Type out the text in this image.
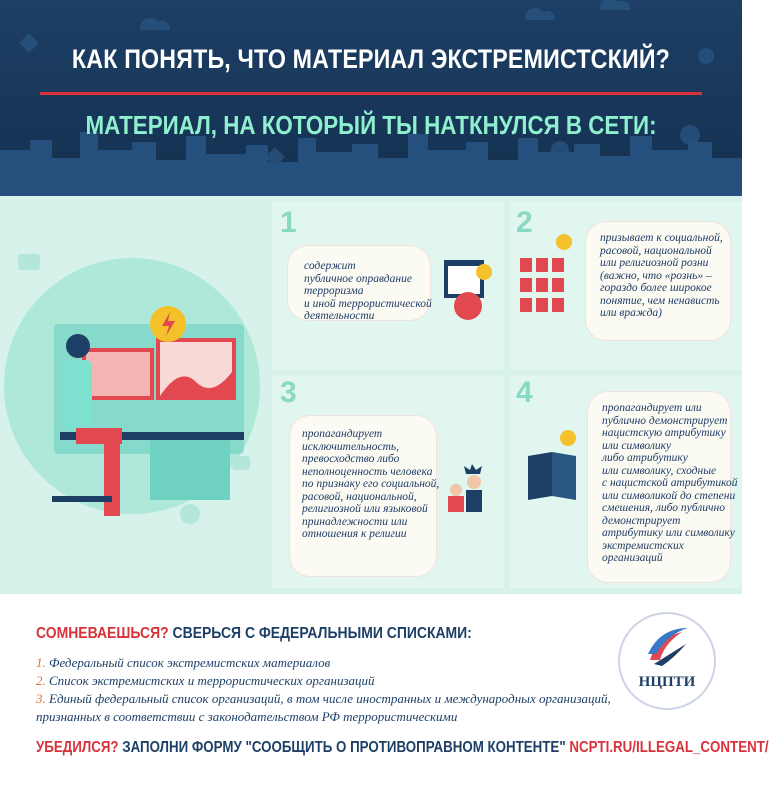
КАК ПОНЯТЬ, ЧТО МАТЕРИАЛ ЭКСТРЕМИСТСКИЙ?
МАТЕРИАЛ, НА КОТОРЫЙ ТЫ НАТКНУЛСЯ В СЕТИ:
1
содержит
публичное оправдание
терроризма
и иной террористической
деятельности
2	призывает к социальной,
расовой, национальной
или религиозной розни
(важно, что «рознь» –
гораздо более широкое
понятие, чем ненависть
или вражда)
3
пропагандирует
исключительность,
превосходство либо
неполноценность человека
по признаку его социальной,
расовой, национальной,
религиозной или языковой
принадлежности или
отношения к религии
4	пропагандирует или
публично демонстрирует
нацистскую атрибутику
или символику
либо атрибутику
или символику, сходные
с нацистской атрибутикой
или символикой до степени
смешения, либо публично
демонстрирует
атрибутику или символику
экстремистских
организаций
СОМНЕВАЕШЬСЯ? СВЕРЬСЯ С ФЕДЕРАЛЬНЫМИ СПИСКАМИ:
1. Федеральный список экстремистских материалов
2. Список экстремистских и террористических организаций
3. Единый федеральный список организаций, в том числе иностранных и международных организаций,
признанных в соответствии с законодательством РФ террористическими
УБЕДИЛСЯ? ЗАПОЛНИ ФОРМУ "СООБЩИТЬ О ПРОТИВОПРАВНОМ КОНТЕНТЕ" NCPTI.RU/ILLEGAL_CONTENT/
НЦПТИ
